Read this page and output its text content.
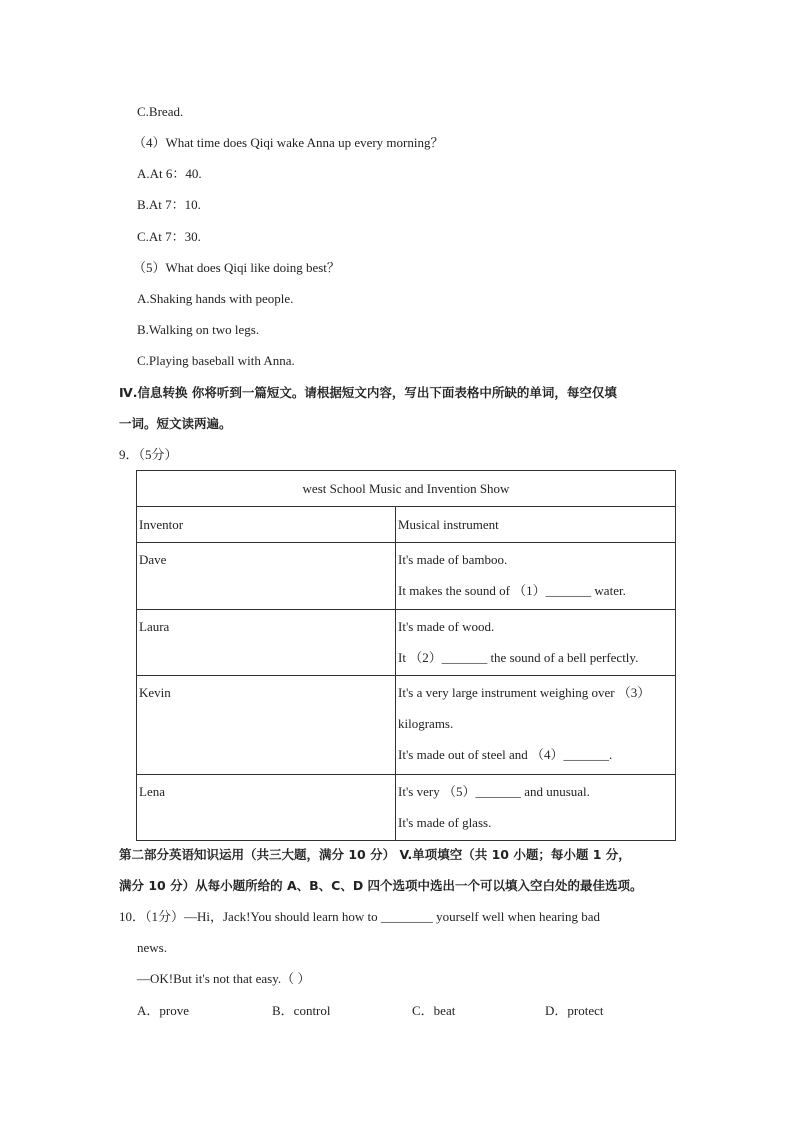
C.Bread.
（4）What time does Qiqi wake Anna up every morning？
A.At 6：40.
B.At 7：10.
C.At 7：30.
（5）What does Qiqi like doing best？
A.Shaking hands with people.
B.Walking on two legs.
C.Playing baseball with Anna.
Ⅳ.信息转换 你将听到一篇短文。请根据短文内容，写出下面表格中所缺的单词，每空仅填
一词。短文读两遍。
9．（5分）
west School Music and Invention Show	
Inventor	Musical instrument

Dave	It's made of bamboo.
It makes the sound of （1）_______ water.

Laura	It's made of wood.
It （2）_______ the sound of a bell perfectly.

Kevin	It's a very large instrument weighing over （3）
kilograms.
It's made out of steel and （4）_______.

Lena	It's very （5）_______ and unusual.
It's made of glass.
第二部分英语知识运用（共三大题，满分 10 分） V.单项填空（共 10 小题；每小题 1 分，
满分 10 分）从每小题所给的 A、B、C、D 四个选项中选出一个可以填入空白处的最佳选项。
10．（1分）—Hi，Jack!You should learn how to ________ yourself well when hearing bad
news.
—OK!But it's not that easy.（ ）
A．prove	B．control	C．beat	D．protect
